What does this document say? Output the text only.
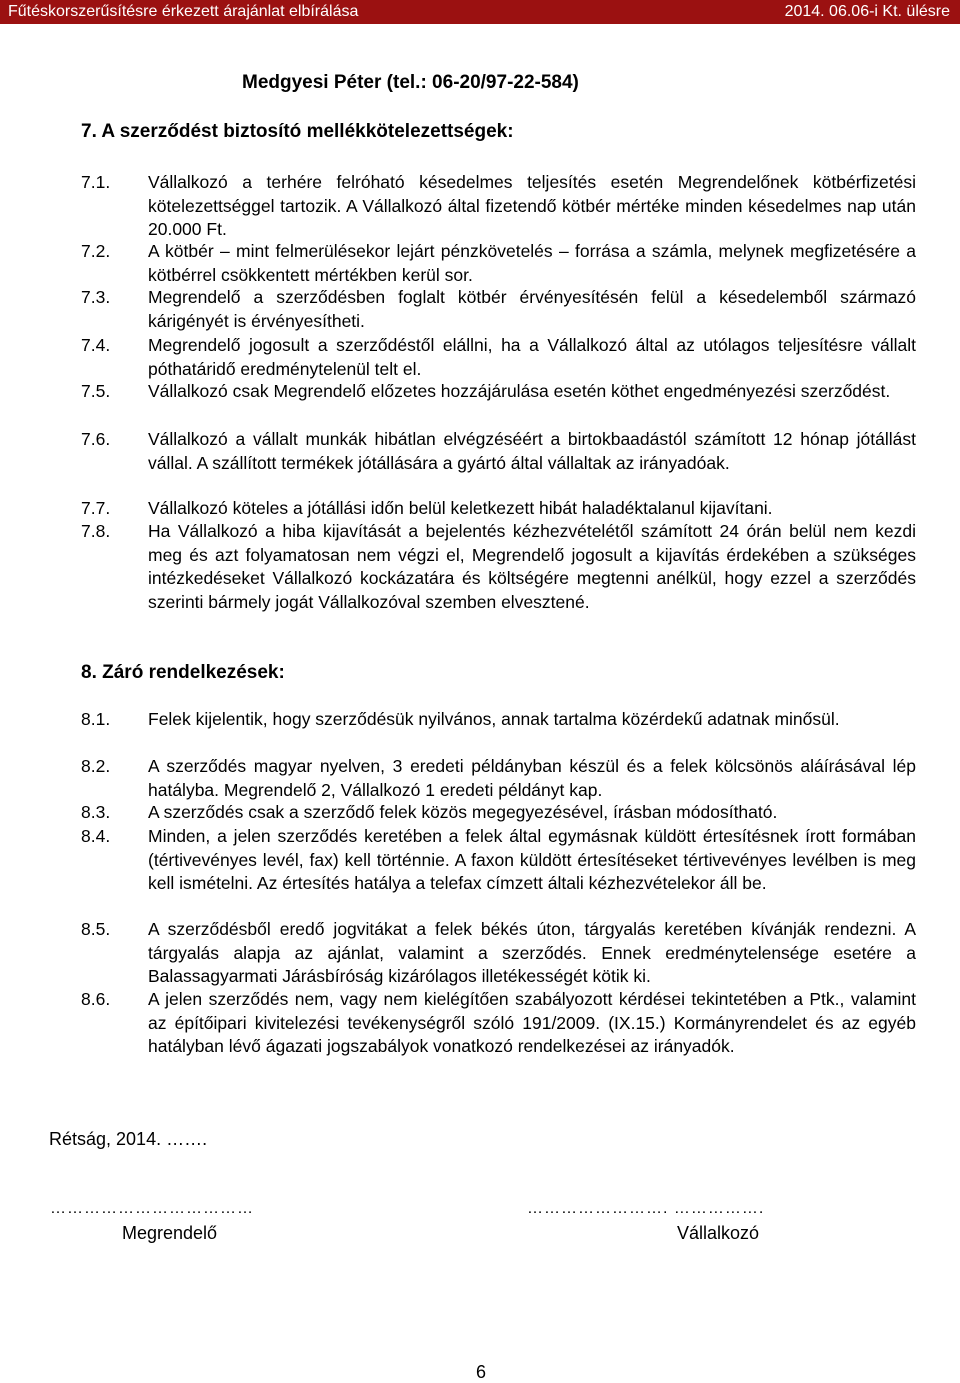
Fűtéskorszerűsítésre érkezett árajánlat elbírálása	2014. 06.06-i Kt. ülésre
Medgyesi Péter (tel.: 06-20/97-22-584)
7. A szerződést biztosító mellékkötelezettségek:
7.1. Vállalkozó a terhére felróható késedelmes teljesítés esetén Megrendelőnek kötbérfizetési kötelezettséggel tartozik. A Vállalkozó által fizetendő kötbér mértéke minden késedelmes nap után 20.000 Ft.
7.2. A kötbér – mint felmerülésekor lejárt pénzkövetelés – forrása a számla, melynek megfizetésére a kötbérrel csökkentett mértékben kerül sor.
7.3. Megrendelő a szerződésben foglalt kötbér érvényesítésén felül a késedelemből származó kárigényét is érvényesítheti.
7.4. Megrendelő jogosult a szerződéstől elállni, ha a Vállalkozó által az utólagos teljesítésre vállalt póthatáridő eredménytelenül telt el.
7.5. Vállalkozó csak Megrendelő előzetes hozzájárulása esetén köthet engedményezési szerződést.
7.6. Vállalkozó a vállalt munkák hibátlan elvégzéséért a birtokbaadástól számított 12 hónap jótállást vállal. A szállított termékek jótállására a gyártó által vállaltak az irányadóak.
7.7. Vállalkozó köteles a jótállási időn belül keletkezett hibát haladéktalanul kijavítani.
7.8. Ha Vállalkozó a hiba kijavítását a bejelentés kézhezvételétől számított 24 órán belül nem kezdi meg és azt folyamatosan nem végzi el, Megrendelő jogosult a kijavítás érdekében a szükséges intézkedéseket Vállalkozó kockázatára és költségére megtenni anélkül, hogy ezzel a szerződés szerinti bármely jogát Vállalkozóval szemben elvesztené.
8. Záró rendelkezések:
8.1. Felek kijelentik, hogy szerződésük nyilvános, annak tartalma közérdekű adatnak minősül.
8.2. A szerződés magyar nyelven, 3 eredeti példányban készül és a felek kölcsönös aláírásával lép hatályba. Megrendelő 2, Vállalkozó 1 eredeti példányt kap.
8.3. A szerződés csak a szerződő felek közös megegyezésével, írásban módosítható.
8.4. Minden, a jelen szerződés keretében a felek által egymásnak küldött értesítésnek írott formában (tértivevényes levél, fax) kell történnie. A faxon küldött értesítéseket tértivevényes levélben is meg kell ismételni. Az értesítés hatálya a telefax címzett általi kézhezvételekor áll be.
8.5. A szerződésből eredő jogvitákat a felek békés úton, tárgyalás keretében kívánják rendezni. A tárgyalás alapja az ajánlat, valamint a szerződés. Ennek eredménytelensége esetére a Balassagyarmati Járásbíróság kizárólagos illetékességét kötik ki.
8.6. A jelen szerződés nem, vagy nem kielégítően szabályozott kérdései tekintetében a Ptk., valamint az építőipari kivitelezési tevékenységről szóló 191/2009. (IX.15.) Kormányrendelet és az egyéb hatályban lévő ágazati jogszabályok vonatkozó rendelkezései az irányadók.
Rétság, 2014. …….
………………………………
Megrendelő
……………………. …………….
Vállalkozó
6
